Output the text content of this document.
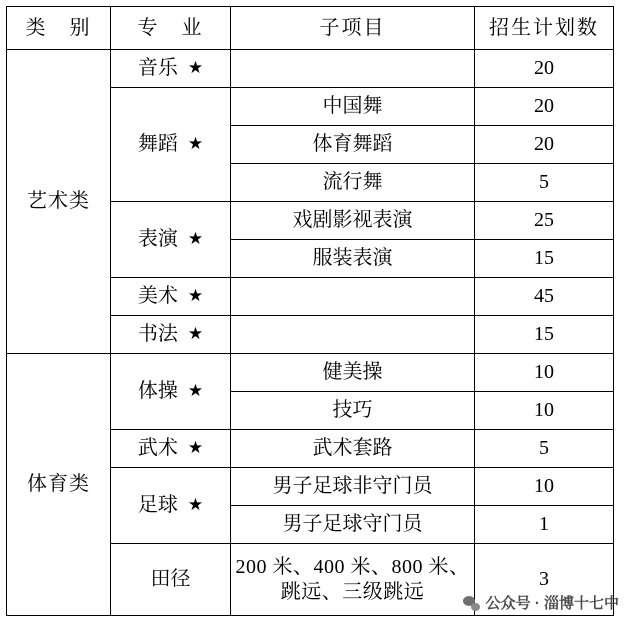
类　别	专　业	子项目	招生计划数
艺术类	音乐 ★		20
	舞蹈 ★	中国舞	20
		体育舞蹈	20
		流行舞	5
	表演 ★	戏剧影视表演	25
		服装表演	15
	美术 ★		45
	书法 ★		15
体育类	体操 ★	健美操	10
		技巧	10
	武术 ★	武术套路	5
	足球 ★	男子足球非守门员	10
		男子足球守门员	1
	田径	200 米、400 米、800 米、
跳远、三级跳远	3
公众号 · 淄博十七中
